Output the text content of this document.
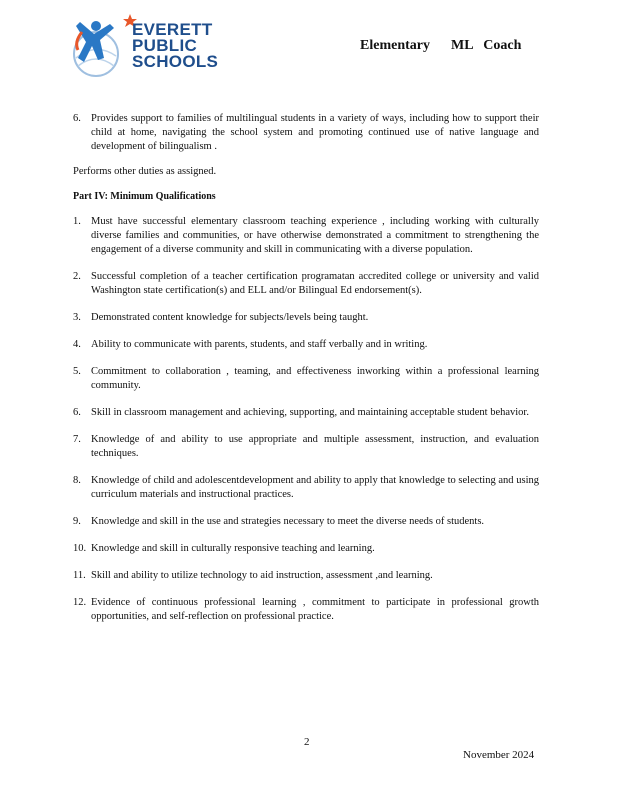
EVERETT
PUBLIC
SCHOOLS
Elementary      ML   Coach
6. Provides support to families of multilingual students in a variety of ways, including how to support their child at home, navigating the school system and promoting continued use of native language and development of bilingualism .

Performs other duties as assigned.

Part IV: Minimum Qualifications

1. Must have successful elementary classroom teaching experience , including working with culturally diverse families and communities, or have otherwise demonstrated a commitment to strengthening the engagement of a diverse community and skill in communicating with a diverse population.
2. Successful completion of a teacher certification programatan accredited college or university and valid Washington state certification(s) and ELL and/or Bilingual Ed endorsement(s).
3. Demonstrated content knowledge for subjects/levels being taught.
4. Ability to communicate with parents, students, and staff verbally and in writing.
5. Commitment to collaboration , teaming, and effectiveness inworking within a professional learning community.
6. Skill in classroom management and achieving, supporting, and maintaining acceptable student behavior.
7. Knowledge of and ability to use appropriate and multiple assessment, instruction, and evaluation techniques.
8. Knowledge of child and adolescentdevelopment and ability to apply that knowledge to selecting and using curriculum materials and instructional practices.
9. Knowledge and skill in the use and strategies necessary to meet the diverse needs of students.
10. Knowledge and skill in culturally responsive teaching and learning.
11. Skill and ability to utilize technology to aid instruction, assessment ,and learning.
12. Evidence of continuous professional learning , commitment to participate in professional growth opportunities, and self-reflection on professional practice.
2
November 2024
